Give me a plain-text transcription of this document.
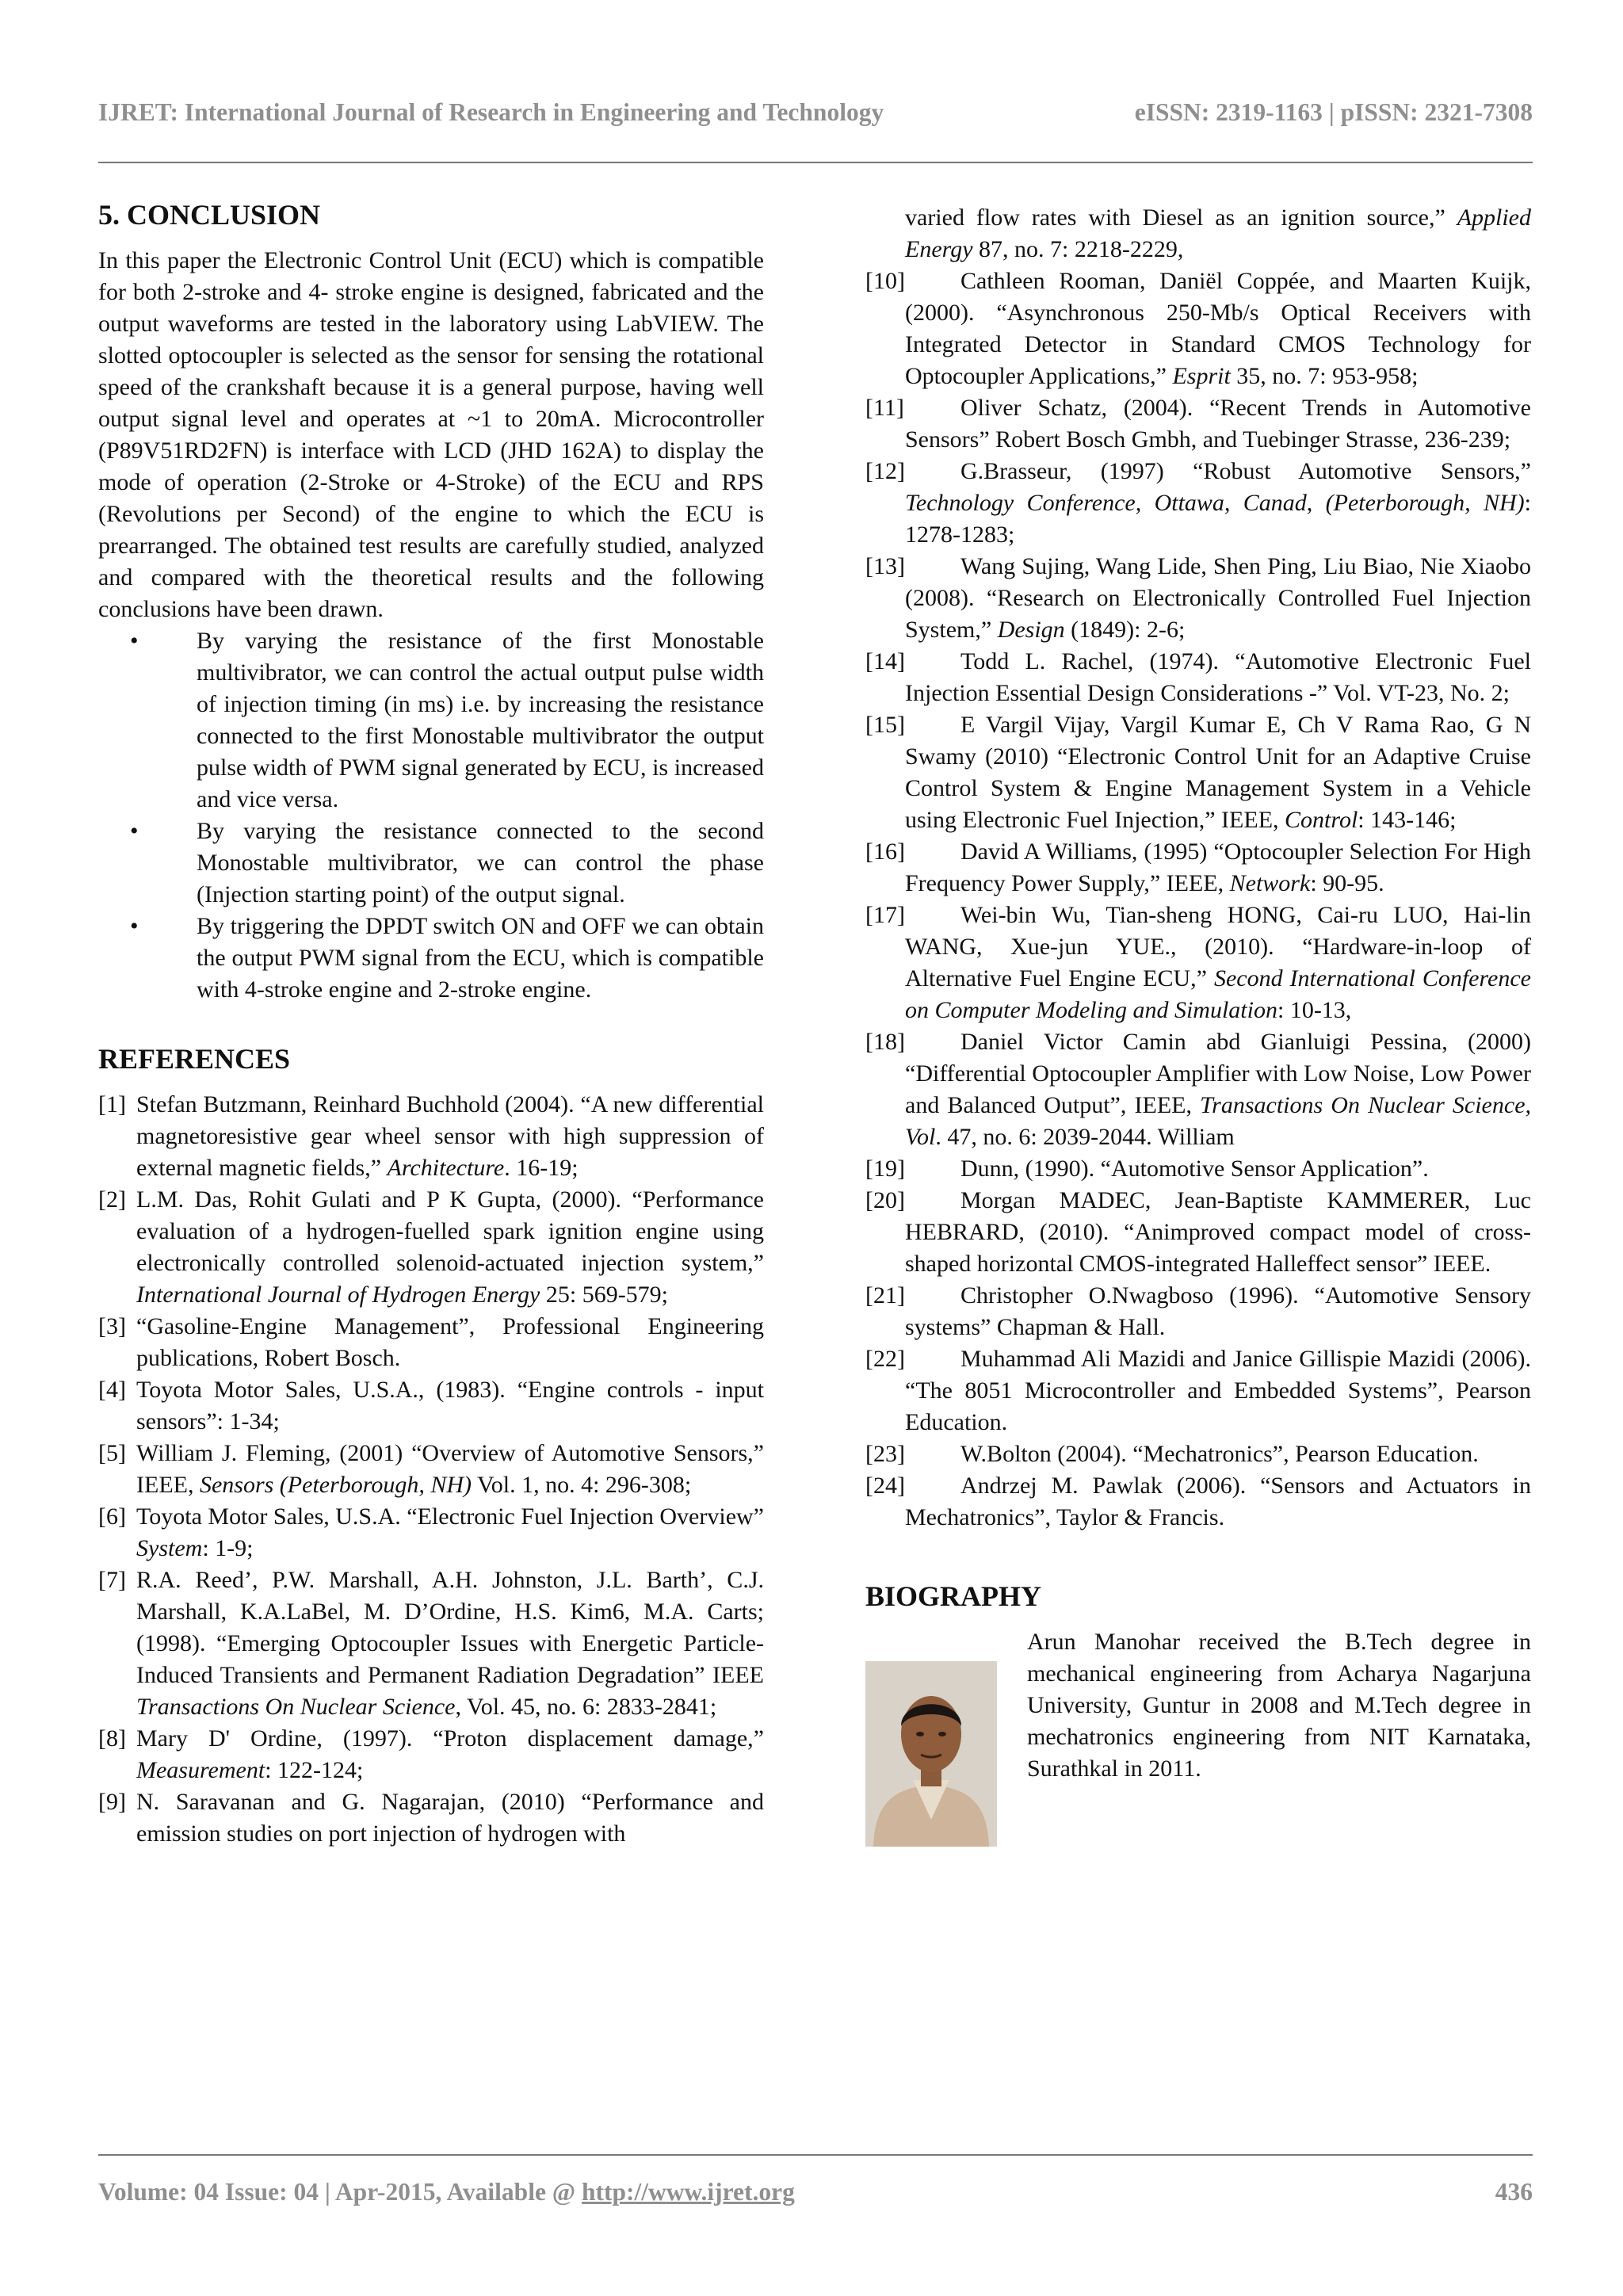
IJRET: International Journal of Research in Engineering and Technology	eISSN: 2319-1163 | pISSN: 2321-7308
5. CONCLUSION

In this paper the Electronic Control Unit (ECU) which is compatible for both 2-stroke and 4- stroke engine is designed, fabricated and the output waveforms are tested in the laboratory using LabVIEW. The slotted optocoupler is selected as the sensor for sensing the rotational speed of the crankshaft because it is a general purpose, having well output signal level and operates at ~1 to 20mA. Microcontroller (P89V51RD2FN) is interface with LCD (JHD 162A) to display the mode of operation (2-Stroke or 4-Stroke) of the ECU and RPS (Revolutions per Second) of the engine to which the ECU is prearranged. The obtained test results are carefully studied, analyzed and compared with the theoretical results and the following conclusions have been drawn.

• By varying the resistance of the first Monostable multivibrator, we can control the actual output pulse width of injection timing (in ms) i.e. by increasing the resistance connected to the first Monostable multivibrator the output pulse width of PWM signal generated by ECU, is increased and vice versa.
• By varying the resistance connected to the second Monostable multivibrator, we can control the phase (Injection starting point) of the output signal.
• By triggering the DPDT switch ON and OFF we can obtain the output PWM signal from the ECU, which is compatible with 4-stroke engine and 2-stroke engine.
REFERENCES
[1] Stefan Butzmann, Reinhard Buchhold (2004). “A new differential magnetoresistive gear wheel sensor with high suppression of external magnetic fields,” Architecture. 16-19;
[2] L.M. Das, Rohit Gulati and P K Gupta, (2000). “Performance evaluation of a hydrogen-fuelled spark ignition engine using electronically controlled solenoid-actuated injection system,” International Journal of Hydrogen Energy 25: 569-579;
[3] “Gasoline-Engine Management”, Professional Engineering publications, Robert Bosch.
[4] Toyota Motor Sales, U.S.A., (1983). “Engine controls - input sensors”: 1-34;
[5] William J. Fleming, (2001) “Overview of Automotive Sensors,” IEEE, Sensors (Peterborough, NH) Vol. 1, no. 4: 296-308;
[6] Toyota Motor Sales, U.S.A. “Electronic Fuel Injection Overview” System: 1-9;
[7] R.A. Reed’, P.W. Marshall, A.H. Johnston, J.L. Barth’, C.J. Marshall, K.A.LaBel, M. D’Ordine, H.S. Kim6, M.A. Carts; (1998). “Emerging Optocoupler Issues with Energetic Particle-Induced Transients and Permanent Radiation Degradation” IEEE Transactions On Nuclear Science, Vol. 45, no. 6: 2833-2841;
[8] Mary D' Ordine, (1997). “Proton displacement damage,” Measurement: 122-124;
[9] N. Saravanan and G. Nagarajan, (2010) “Performance and emission studies on port injection of hydrogen with
varied flow rates with Diesel as an ignition source,” Applied Energy 87, no. 7: 2218-2229,
[10] Cathleen Rooman, Daniël Coppée, and Maarten Kuijk, (2000). “Asynchronous 250-Mb/s Optical Receivers with Integrated Detector in Standard CMOS Technology for Optocoupler Applications,” Esprit 35, no. 7: 953-958;
[11] Oliver Schatz, (2004). “Recent Trends in Automotive Sensors” Robert Bosch Gmbh, and Tuebinger Strasse, 236-239;
[12] G.Brasseur, (1997) “Robust Automotive Sensors,” Technology Conference, Ottawa, Canad, (Peterborough, NH): 1278-1283;
[13] Wang Sujing, Wang Lide, Shen Ping, Liu Biao, Nie Xiaobo (2008). “Research on Electronically Controlled Fuel Injection System,” Design (1849): 2-6;
[14] Todd L. Rachel, (1974). “Automotive Electronic Fuel Injection Essential Design Considerations -” Vol. VT-23, No. 2;
[15] E Vargil Vijay, Vargil Kumar E, Ch V Rama Rao, G N Swamy (2010) “Electronic Control Unit for an Adaptive Cruise Control System & Engine Management System in a Vehicle using Electronic Fuel Injection,” IEEE, Control: 143-146;
[16] David A Williams, (1995) “Optocoupler Selection For High Frequency Power Supply,” IEEE, Network: 90-95.
[17] Wei-bin Wu, Tian-sheng HONG, Cai-ru LUO, Hai-lin WANG, Xue-jun YUE., (2010). “Hardware-in-loop of Alternative Fuel Engine ECU,” Second International Conference on Computer Modeling and Simulation: 10-13,
[18] Daniel Victor Camin abd Gianluigi Pessina, (2000) “Differential Optocoupler Amplifier with Low Noise, Low Power and Balanced Output”, IEEE, Transactions On Nuclear Science, Vol. 47, no. 6: 2039-2044. William
[19] Dunn, (1990). “Automotive Sensor Application”.
[20] Morgan MADEC, Jean-Baptiste KAMMERER, Luc HEBRARD, (2010). “Animproved compact model of cross-shaped horizontal CMOS-integrated Halleffect sensor” IEEE.
[21] Christopher O.Nwagboso (1996). “Automotive Sensory systems” Chapman & Hall.
[22] Muhammad Ali Mazidi and Janice Gillispie Mazidi (2006). “The 8051 Microcontroller and Embedded Systems”, Pearson Education.
[23] W.Bolton (2004). “Mechatronics”, Pearson Education.
[24] Andrzej M. Pawlak (2006). “Sensors and Actuators in Mechatronics”, Taylor & Francis.
BIOGRAPHY

Arun Manohar received the B.Tech degree in mechanical engineering from Acharya Nagarjuna University, Guntur in 2008 and M.Tech degree in mechatronics engineering from NIT Karnataka, Surathkal in 2011.

Volume: 04 Issue: 04 | Apr-2015, Available @ http://www.ijret.org	436
